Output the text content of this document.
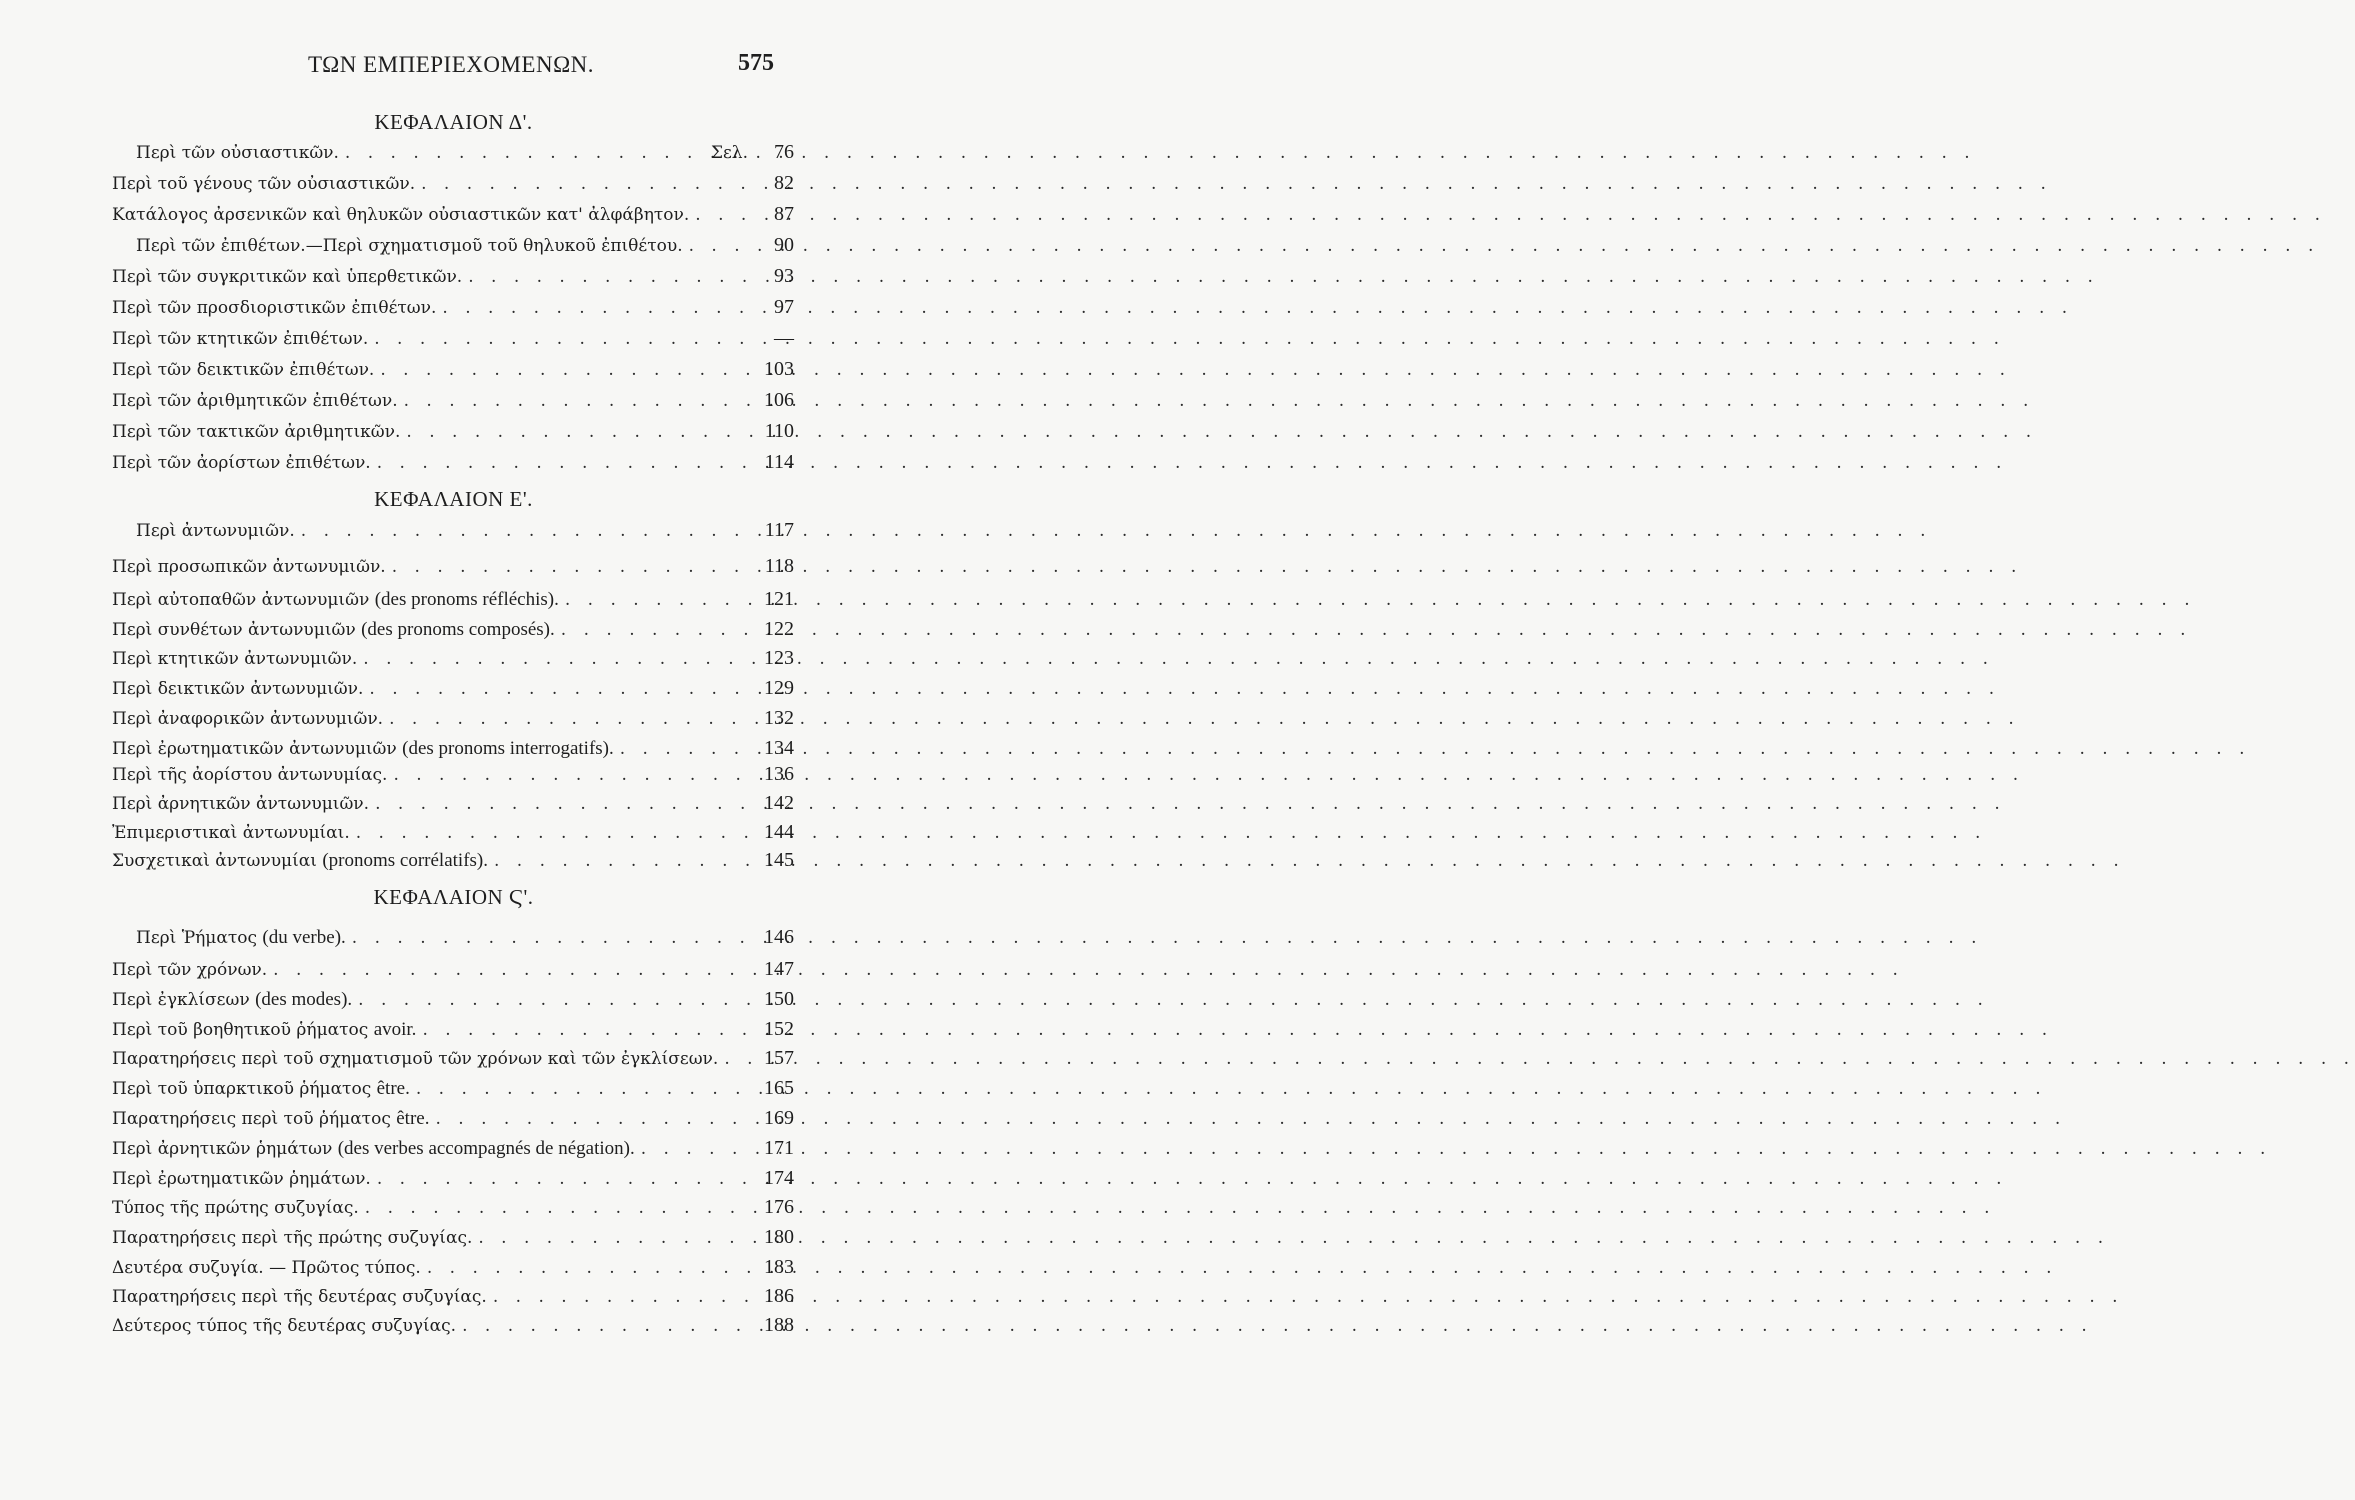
ΤΩΝ ΕΜΠΕΡΙΕΧΟΜΕΝΩΝ.	575
ΚΕΦΑΛΑΙΟΝ Δ'.
Περὶ τῶν οὐσιαστικῶν. . . .	Σελ.	76
Περὶ τοῦ γένους τῶν οὐσιαστικῶν. . . .	82
Κατάλογος ἀρσενικῶν καὶ θηλυκῶν οὐσιαστικῶν κατ' ἀλφάβητον. . . .	87
Περὶ τῶν ἐπιθέτων.—Περὶ σχηματισμοῦ τοῦ θηλυκοῦ ἐπιθέτου. . . .	90
Περὶ τῶν συγκριτικῶν καὶ ὑπερθετικῶν. . . .	93
Περὶ τῶν προσδιοριστικῶν ἐπιθέτων. . . .	97
Περὶ τῶν κτητικῶν ἐπιθέτων. . . .	—
Περὶ τῶν δεικτικῶν ἐπιθέτων. . . .	103
Περὶ τῶν ἀριθμητικῶν ἐπιθέτων. . . .	106
Περὶ τῶν τακτικῶν ἀριθμητικῶν. . . .	110
Περὶ τῶν ἀορίστων ἐπιθέτων. . . .	114
ΚΕΦΑΛΑΙΟΝ Ε'.
Περὶ ἀντωνυμιῶν. . . .	117
Περὶ προσωπικῶν ἀντωνυμιῶν. . . .	118
Περὶ αὐτοπαθῶν ἀντωνυμιῶν (des pronoms réfléchis). . . .	121
Περὶ συνθέτων ἀντωνυμιῶν (des pronoms composés). . . .	122
Περὶ κτητικῶν ἀντωνυμιῶν. . . .	123
Περὶ δεικτικῶν ἀντωνυμιῶν. . . .	129
Περὶ ἀναφορικῶν ἀντωνυμιῶν. . . .	132
Περὶ ἐρωτηματικῶν ἀντωνυμιῶν (des pronoms interrogatifs). . . .	134
Περὶ τῆς ἀορίστου ἀντωνυμίας. . . .	136
Περὶ ἀρνητικῶν ἀντωνυμιῶν. . . .	142
Ἐπιμεριστικαὶ ἀντωνυμίαι. . . .	144
Συσχετικαὶ ἀντωνυμίαι (pronoms corrélatifs). . . .	145
ΚΕΦΑΛΑΙΟΝ Ϛ'.
Περὶ Ῥήματος (du verbe). . . .	146
Περὶ τῶν χρόνων. . . .	147
Περὶ ἐγκλίσεων (des modes). . . .	150
Περὶ τοῦ βοηθητικοῦ ῥήματος avoir. . . .	152
Παρατηρήσεις περὶ τοῦ σχηματισμοῦ τῶν χρόνων καὶ τῶν ἐγκλίσεων. . . .	157
Περὶ τοῦ ὑπαρκτικοῦ ῥήματος être. . . .	165
Παρατηρήσεις περὶ τοῦ ῥήματος être. . . .	169
Περὶ ἀρνητικῶν ῥημάτων (des verbes accompagnés de négation). . . .	171
Περὶ ἐρωτηματικῶν ῥημάτων. . . .	174
Τύπος τῆς πρώτης συζυγίας. . . .	176
Παρατηρήσεις περὶ τῆς πρώτης συζυγίας. . . .	180
Δευτέρα συζυγία. — Πρῶτος τύπος. . . .	183
Παρατηρήσεις περὶ τῆς δευτέρας συζυγίας. . . .	186
Δεύτερος τύπος τῆς δευτέρας συζυγίας. . . .	188
